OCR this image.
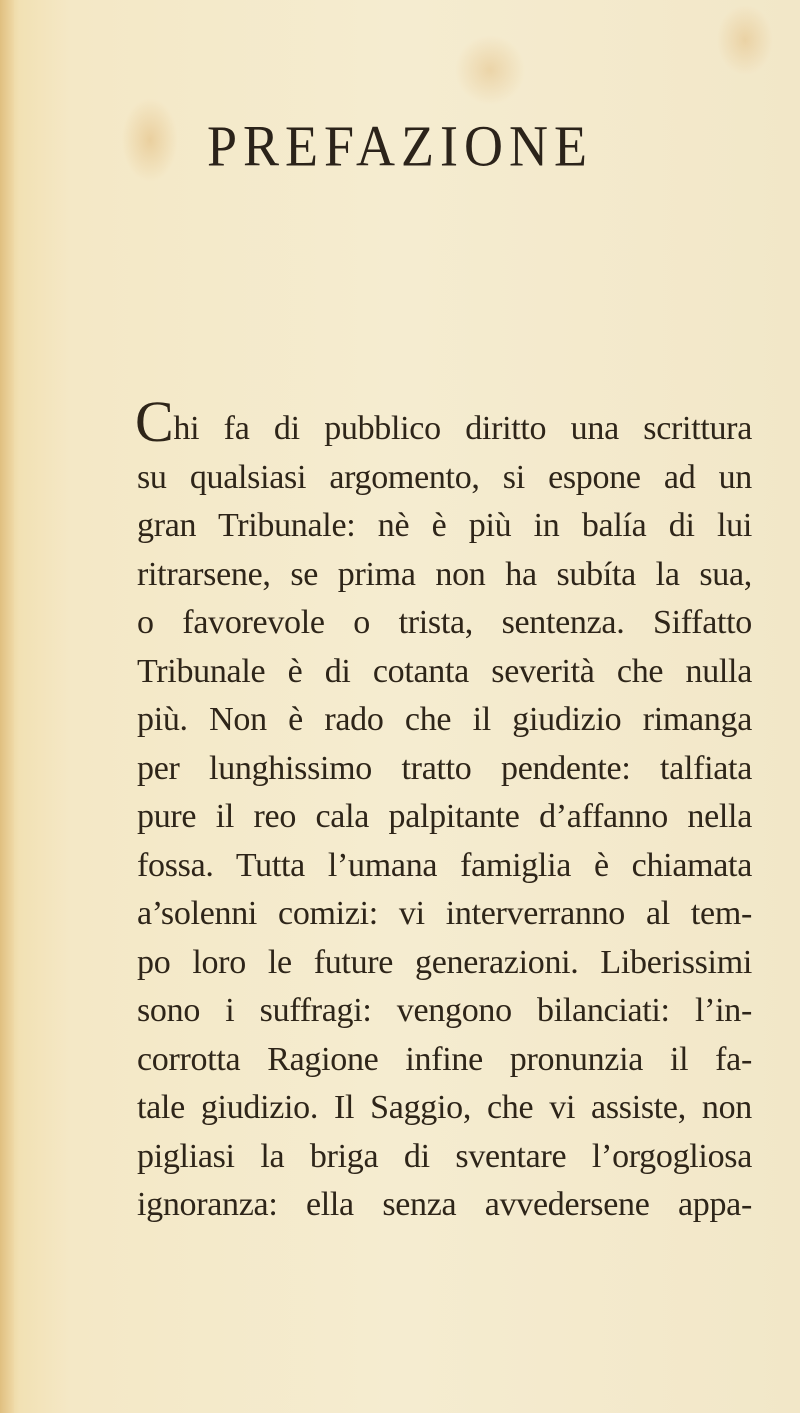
PREFAZIONE
Chi fa di pubblico diritto una scrittura
su qualsiasi argomento, si espone ad un
gran Tribunale: nè è più in balía di lui
ritrarsene, se prima non ha subíta la sua,
o favorevole o trista, sentenza. Siffatto
Tribunale è di cotanta severità che nulla
più. Non è rado che il giudizio rimanga
per lunghissimo tratto pendente: talfiata
pure il reo cala palpitante d’affanno nella
fossa. Tutta l’umana famiglia è chiamata
a’solenni comizi: vi interverranno al tem-
po loro le future generazioni. Liberissimi
sono i suffragi: vengono bilanciati: l’in-
corrotta Ragione infine pronunzia il fa-
tale giudizio. Il Saggio, che vi assiste, non
pigliasi la briga di sventare l’orgogliosa
ignoranza: ella senza avvedersene appa-
